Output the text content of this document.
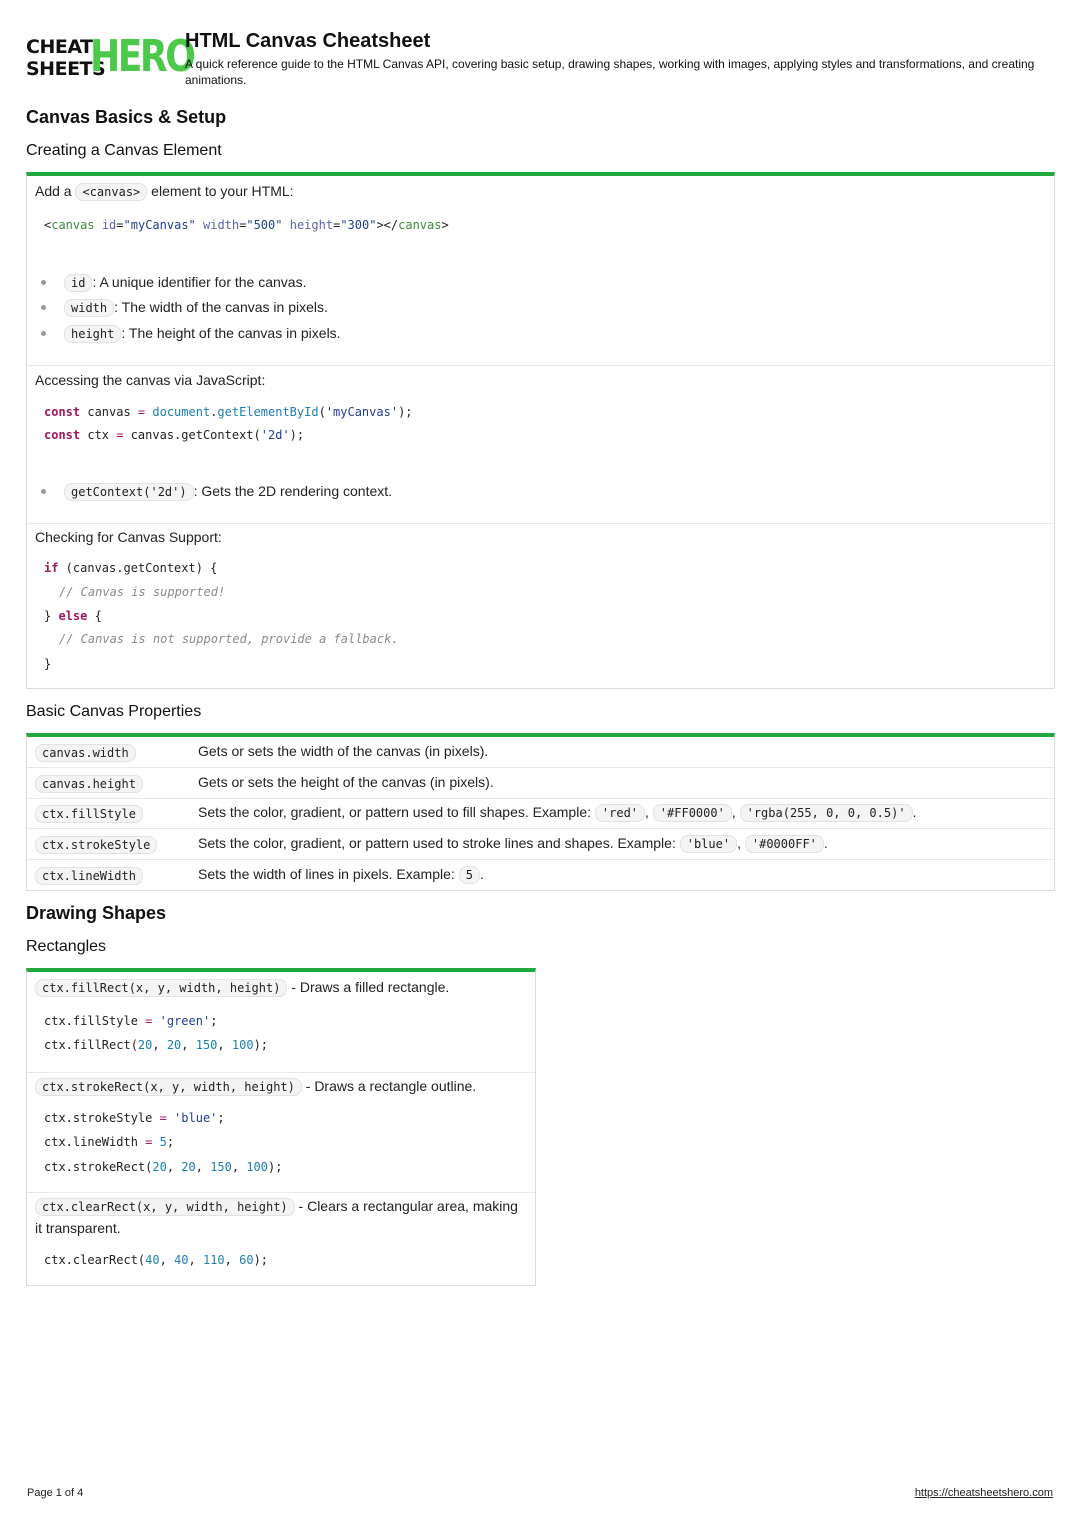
CHEAT
SHEETS
HERO
HTML Canvas Cheatsheet
A quick reference guide to the HTML Canvas API, covering basic setup, drawing shapes, working with images, applying styles and transformations, and creating animations.
Canvas Basics & Setup
Creating a Canvas Element
Add a <canvas> element to your HTML:
<canvas id="myCanvas" width="500" height="300"></canvas>
id : A unique identifier for the canvas.
width : The width of the canvas in pixels.
height : The height of the canvas in pixels.
Accessing the canvas via JavaScript:
const canvas = document.getElementById('myCanvas');
const ctx = canvas.getContext('2d');
getContext('2d') : Gets the 2D rendering context.
Checking for Canvas Support:
if (canvas.getContext) {
// Canvas is supported!
} else {
// Canvas is not supported, provide a fallback.
}
Basic Canvas Properties
canvas.width	Gets or sets the width of the canvas (in pixels).
canvas.height	Gets or sets the height of the canvas (in pixels).
ctx.fillStyle	Sets the color, gradient, or pattern used to fill shapes. Example: 'red' , '#FF0000' , 'rgba(255, 0, 0, 0.5)' .
ctx.strokeStyle	Sets the color, gradient, or pattern used to stroke lines and shapes. Example: 'blue' , '#0000FF' .
ctx.lineWidth	Sets the width of lines in pixels. Example: 5 .
Drawing Shapes
Rectangles
ctx.fillRect(x, y, width, height) - Draws a filled rectangle.
ctx.fillStyle = 'green';
ctx.fillRect(20, 20, 150, 100);
ctx.strokeRect(x, y, width, height) - Draws a rectangle outline.
ctx.strokeStyle = 'blue';
ctx.lineWidth = 5;
ctx.strokeRect(20, 20, 150, 100);
ctx.clearRect(x, y, width, height) - Clears a rectangular area, making
it transparent.
ctx.clearRect(40, 40, 110, 60);
Page 1 of 4	https://cheatsheetshero.com
